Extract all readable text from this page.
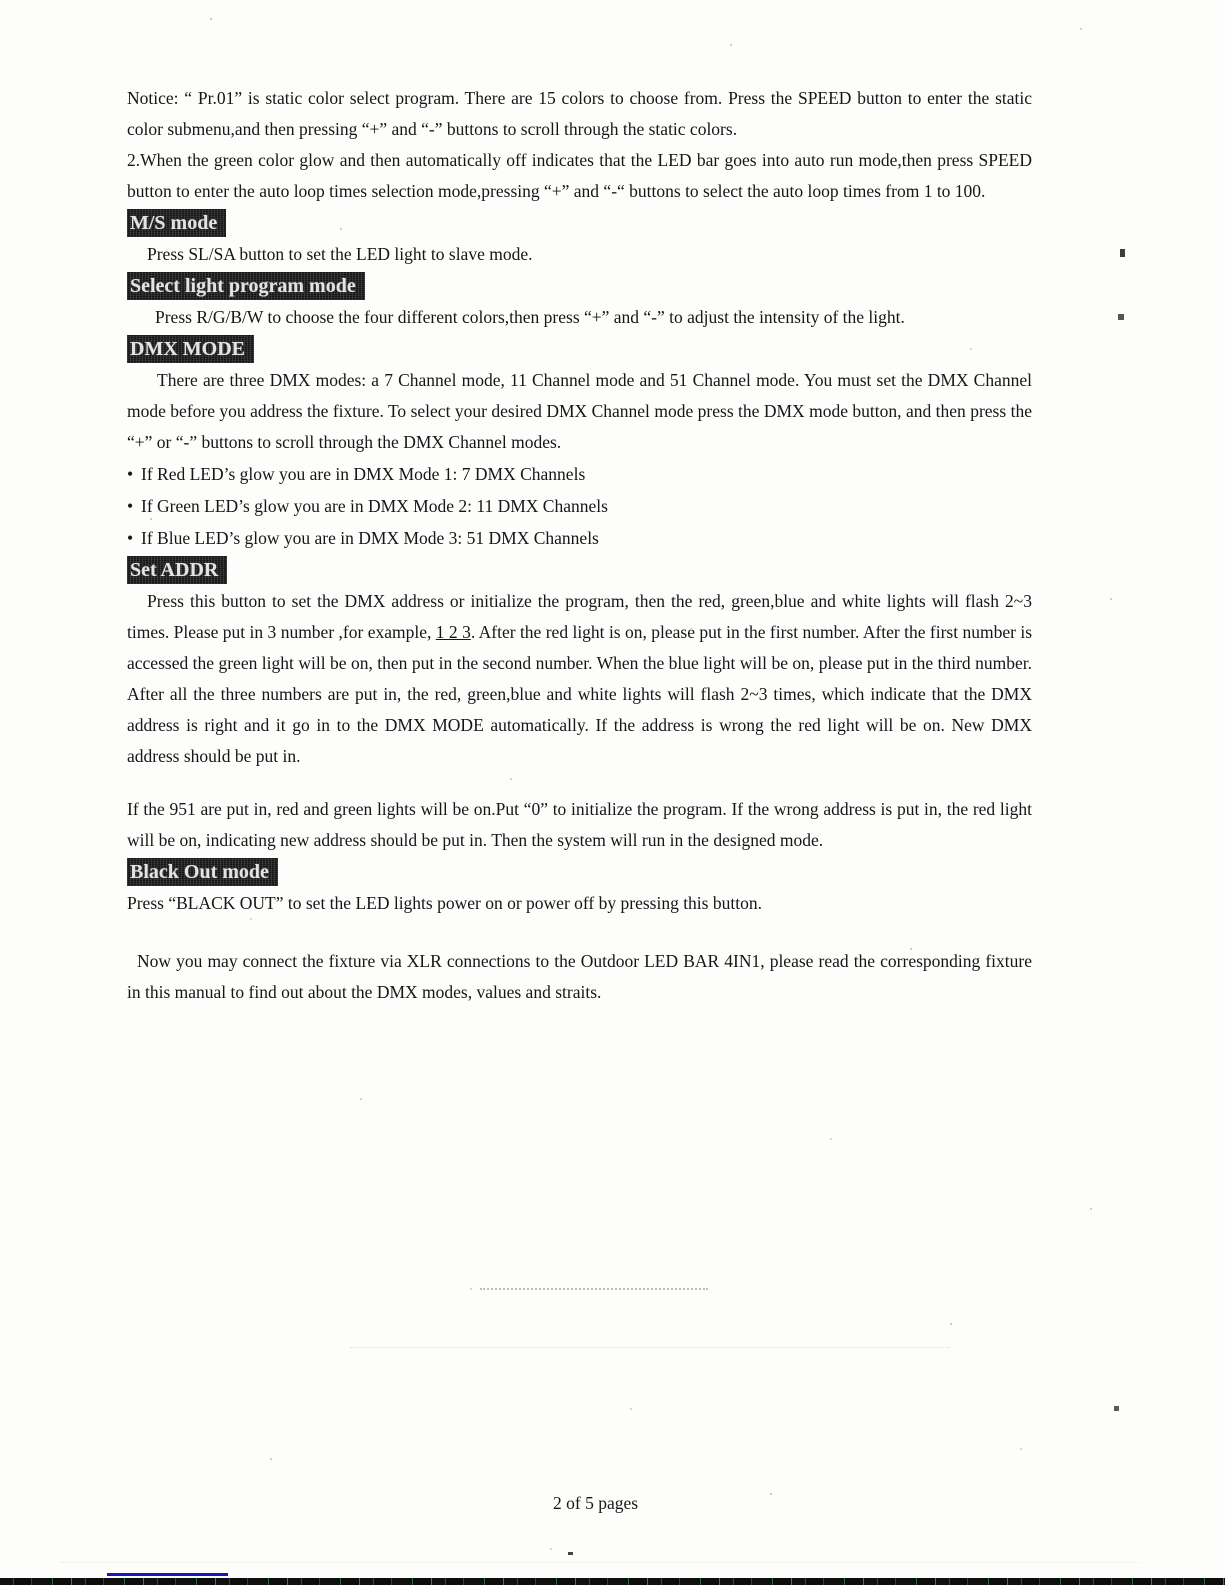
Notice: “ Pr.01” is static color select program. There are 15 colors to choose from. Press the SPEED button to enter the static color submenu,and then pressing “+” and “-” buttons to scroll through the static colors.

2.When the green color glow and then automatically off indicates that the LED bar goes into auto run mode,then press SPEED button to enter the auto loop times selection mode,pressing “+” and “-“ buttons to select the auto loop times from 1 to 100.

M/S mode

Press SL/SA button to set the LED light to slave mode.

Select light program mode

Press R/G/B/W to choose the four different colors,then press “+” and “-” to adjust the intensity of the light.

DMX MODE

There are three DMX modes: a 7 Channel mode, 11 Channel mode and 51 Channel mode. You must set the DMX Channel mode before you address the fixture. To select your desired DMX Channel mode press the DMX mode button, and then press the “+” or “-” buttons to scroll through the DMX Channel modes.

• If Red LED’s glow you are in DMX Mode 1: 7 DMX Channels
• If Green LED’s glow you are in DMX Mode 2: 11 DMX Channels
• If Blue LED’s glow you are in DMX Mode 3: 51 DMX Channels
Set ADDR

Press this button to set the DMX address or initialize the program, then the red, green,blue and white lights will flash 2~3 times. Please put in 3 number ,for example, 1 2 3. After the red light is on, please put in the first number. After the first number is accessed the green light will be on, then put in the second number. When the blue light will be on, please put in the third number. After all the three numbers are put in, the red, green,blue and white lights will flash 2~3 times, which indicate that the DMX address is right and it go in to the DMX MODE automatically. If the address is wrong the red light will be on. New DMX address should be put in.

If the 951 are put in, red and green lights will be on.Put “0” to initialize the program. If the wrong address is put in, the red light will be on, indicating new address should be put in. Then the system will run in the designed mode.

Black Out mode

Press “BLACK OUT” to set the LED lights power on or power off by pressing this button.

Now you may connect the fixture via XLR connections to the Outdoor LED BAR 4IN1, please read the corresponding fixture in this manual to find out about the DMX modes, values and straits.

2 of 5 pages
